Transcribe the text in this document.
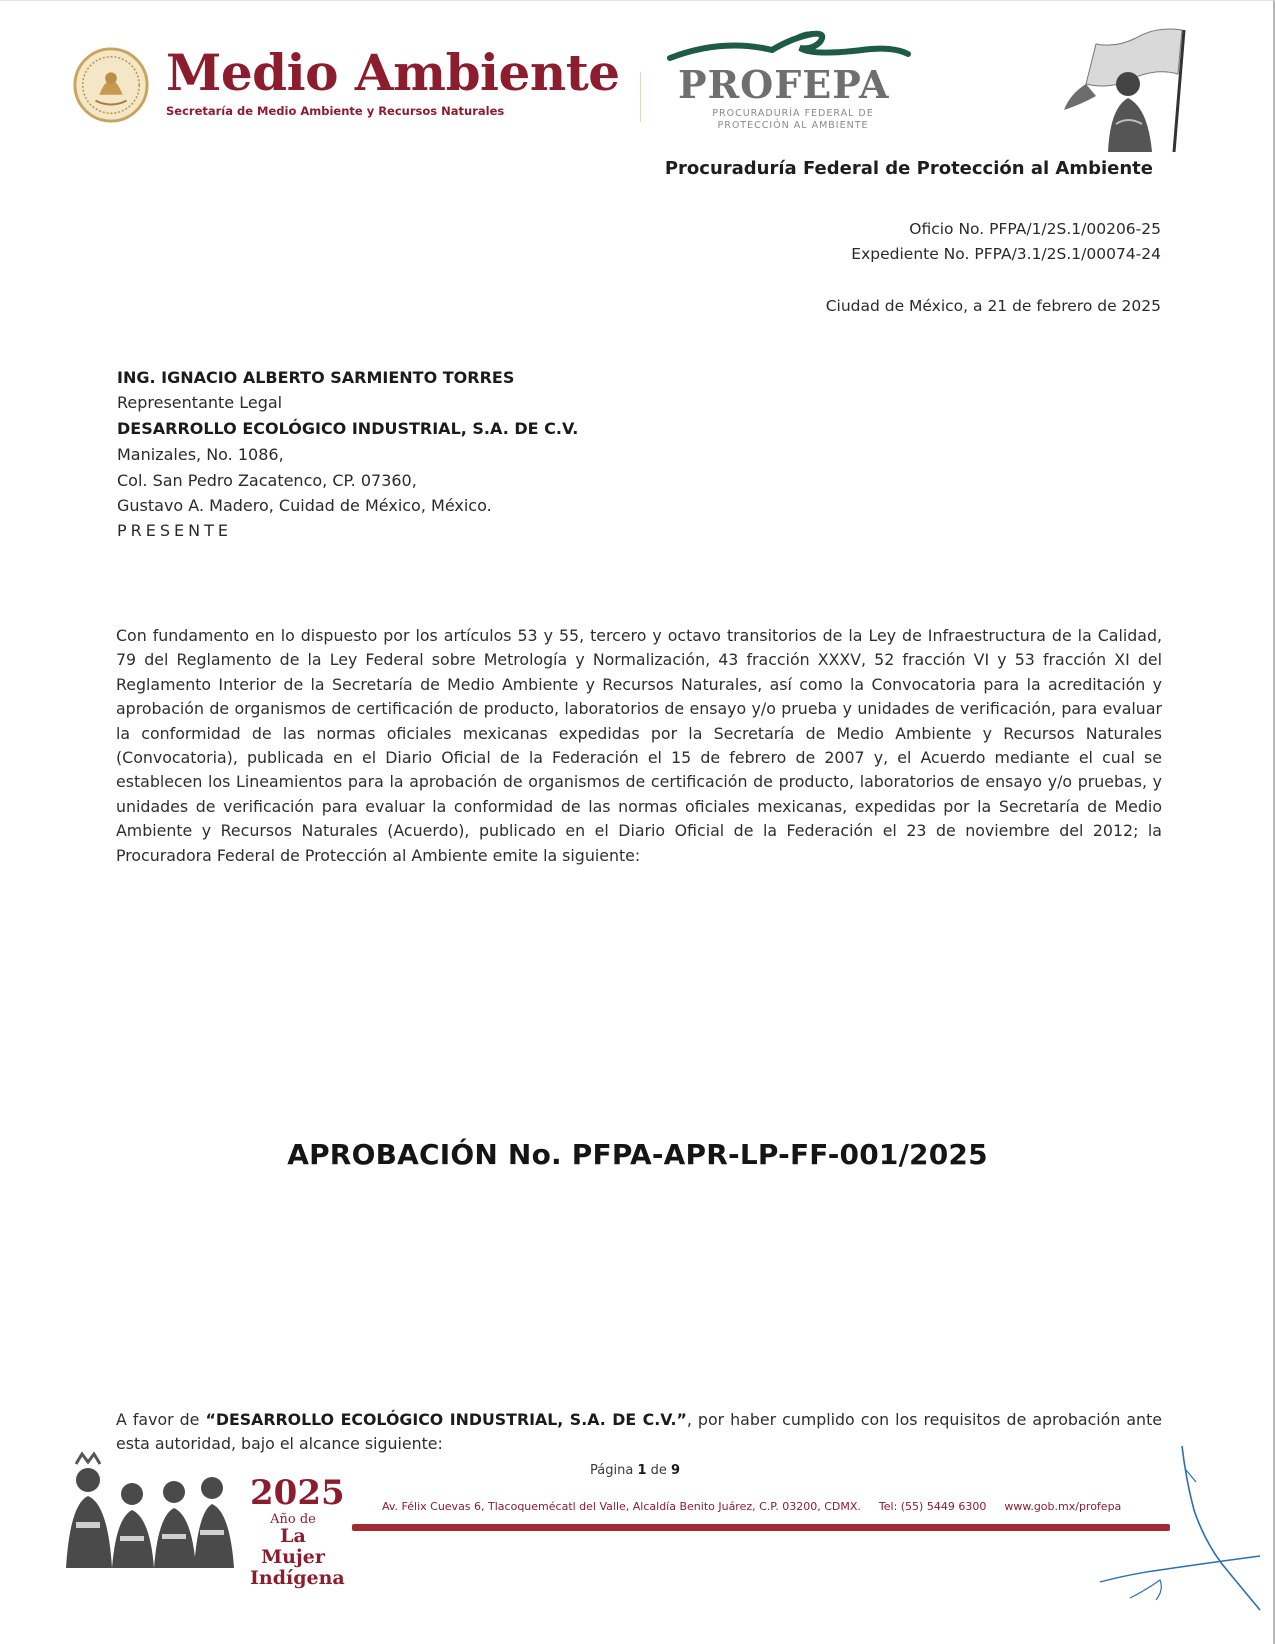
Medio Ambiente
Secretaría de Medio Ambiente y Recursos Naturales
PROFEPA
PROCURADURÍA FEDERAL DE
PROTECCIÓN AL AMBIENTE
Procuraduría Federal de Protección al Ambiente
Oficio No. PFPA/1/2S.1/00206-25
Expediente No. PFPA/3.1/2S.1/00074-24
Ciudad de México, a 21 de febrero de 2025
ING. IGNACIO ALBERTO SARMIENTO TORRES
Representante Legal
DESARROLLO ECOLÓGICO INDUSTRIAL, S.A. DE C.V.
Manizales, No. 1086,
Col. San Pedro Zacatenco, CP. 07360,
Gustavo A. Madero, Cuidad de México, México.
PRESENTE
Con fundamento en lo dispuesto por los artículos 53 y 55, tercero y octavo transitorios de la Ley de Infraestructura de la Calidad, 79 del Reglamento de la Ley Federal sobre Metrología y Normalización, 43 fracción XXXV, 52 fracción VI y 53 fracción XI del Reglamento Interior de la Secretaría de Medio Ambiente y Recursos Naturales, así como la Convocatoria para la acreditación y aprobación de organismos de certificación de producto, laboratorios de ensayo y/o prueba y unidades de verificación, para evaluar la conformidad de las normas oficiales mexicanas expedidas por la Secretaría de Medio Ambiente y Recursos Naturales (Convocatoria), publicada en el Diario Oficial de la Federación el 15 de febrero de 2007 y, el Acuerdo mediante el cual se establecen los Lineamientos para la aprobación de organismos de certificación de producto, laboratorios de ensayo y/o pruebas, y unidades de verificación para evaluar la conformidad de las normas oficiales mexicanas, expedidas por la Secretaría de Medio Ambiente y Recursos Naturales (Acuerdo), publicado en el Diario Oficial de la Federación el 23 de noviembre del 2012; la Procuradora Federal de Protección al Ambiente emite la siguiente:
APROBACIÓN No. PFPA-APR-LP-FF-001/2025
A favor de “DESARROLLO ECOLÓGICO INDUSTRIAL, S.A. DE C.V.”, por haber cumplido con los requisitos de aprobación ante esta autoridad, bajo el alcance siguiente:
Página 1 de 9
2025
Año de
La Mujer
Indígena
Av. Félix Cuevas 6, Tlacoquemécatl del Valle, Alcaldía Benito Juárez, C.P. 03200, CDMX. Tel: (55) 5449 6300 www.gob.mx/profepa
